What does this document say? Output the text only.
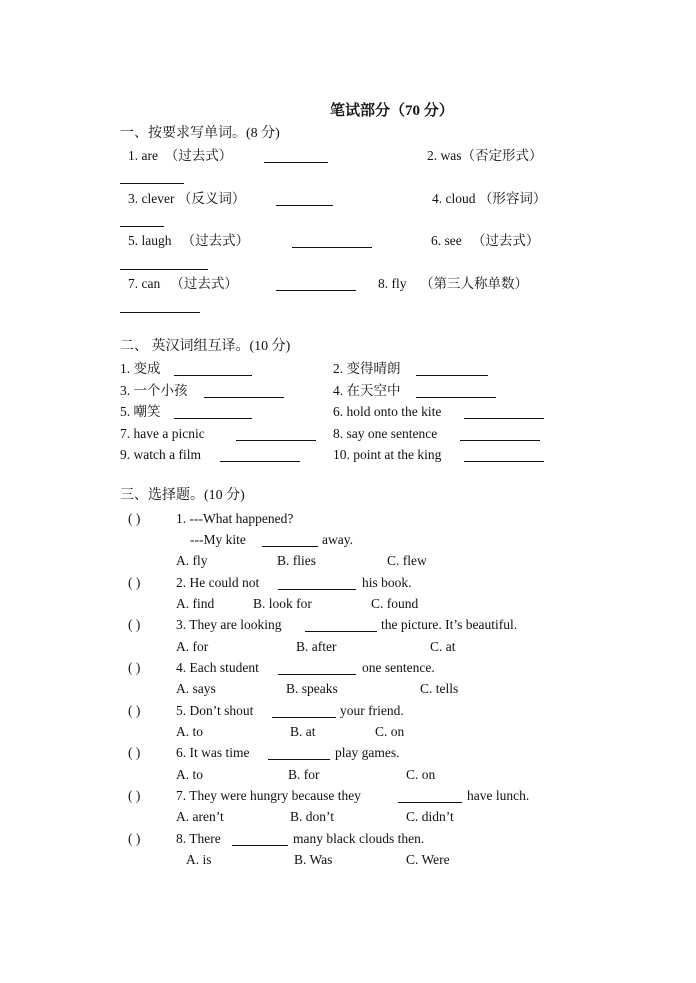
笔试部分（70 分）
一、按要求写单词。(8 分)
1. are （过去式）	2. was（否定形式）
3. clever （反义词）	4. cloud （形容词）
5. laugh （过去式）	6. see （过去式）
7. can （过去式）	8. fly （第三人称单数）
二、 英汉词组互译。(10 分)
1. 变成	2. 变得晴朗
3. 一个小孩	4. 在天空中
5. 嘲笑	6. hold onto the kite
7. have a picnic	8. say one sentence
9. watch a film	10. point at the king
三、选择题。(10 分)
( )	1. ---What happened?
---My kite	away.
A. fly	B. flies	C. flew
( )	2. He could not	his book.
A. find	B. look for	C. found
( )	3. They are looking	the picture. It’s beautiful.
A. for	B. after	C. at
( )	4. Each student	one sentence.
A. says	B. speaks	C. tells
( )	5. Don’t shout	your friend.
A. to	B. at	C. on
( )	6. It was time	play games.
A. to	B. for	C. on
( )	7. They were hungry because they	have lunch.
A. aren’t	B. don’t	C. didn’t
( )	8. There	many black clouds then.
A. is	B. Was	C. Were
